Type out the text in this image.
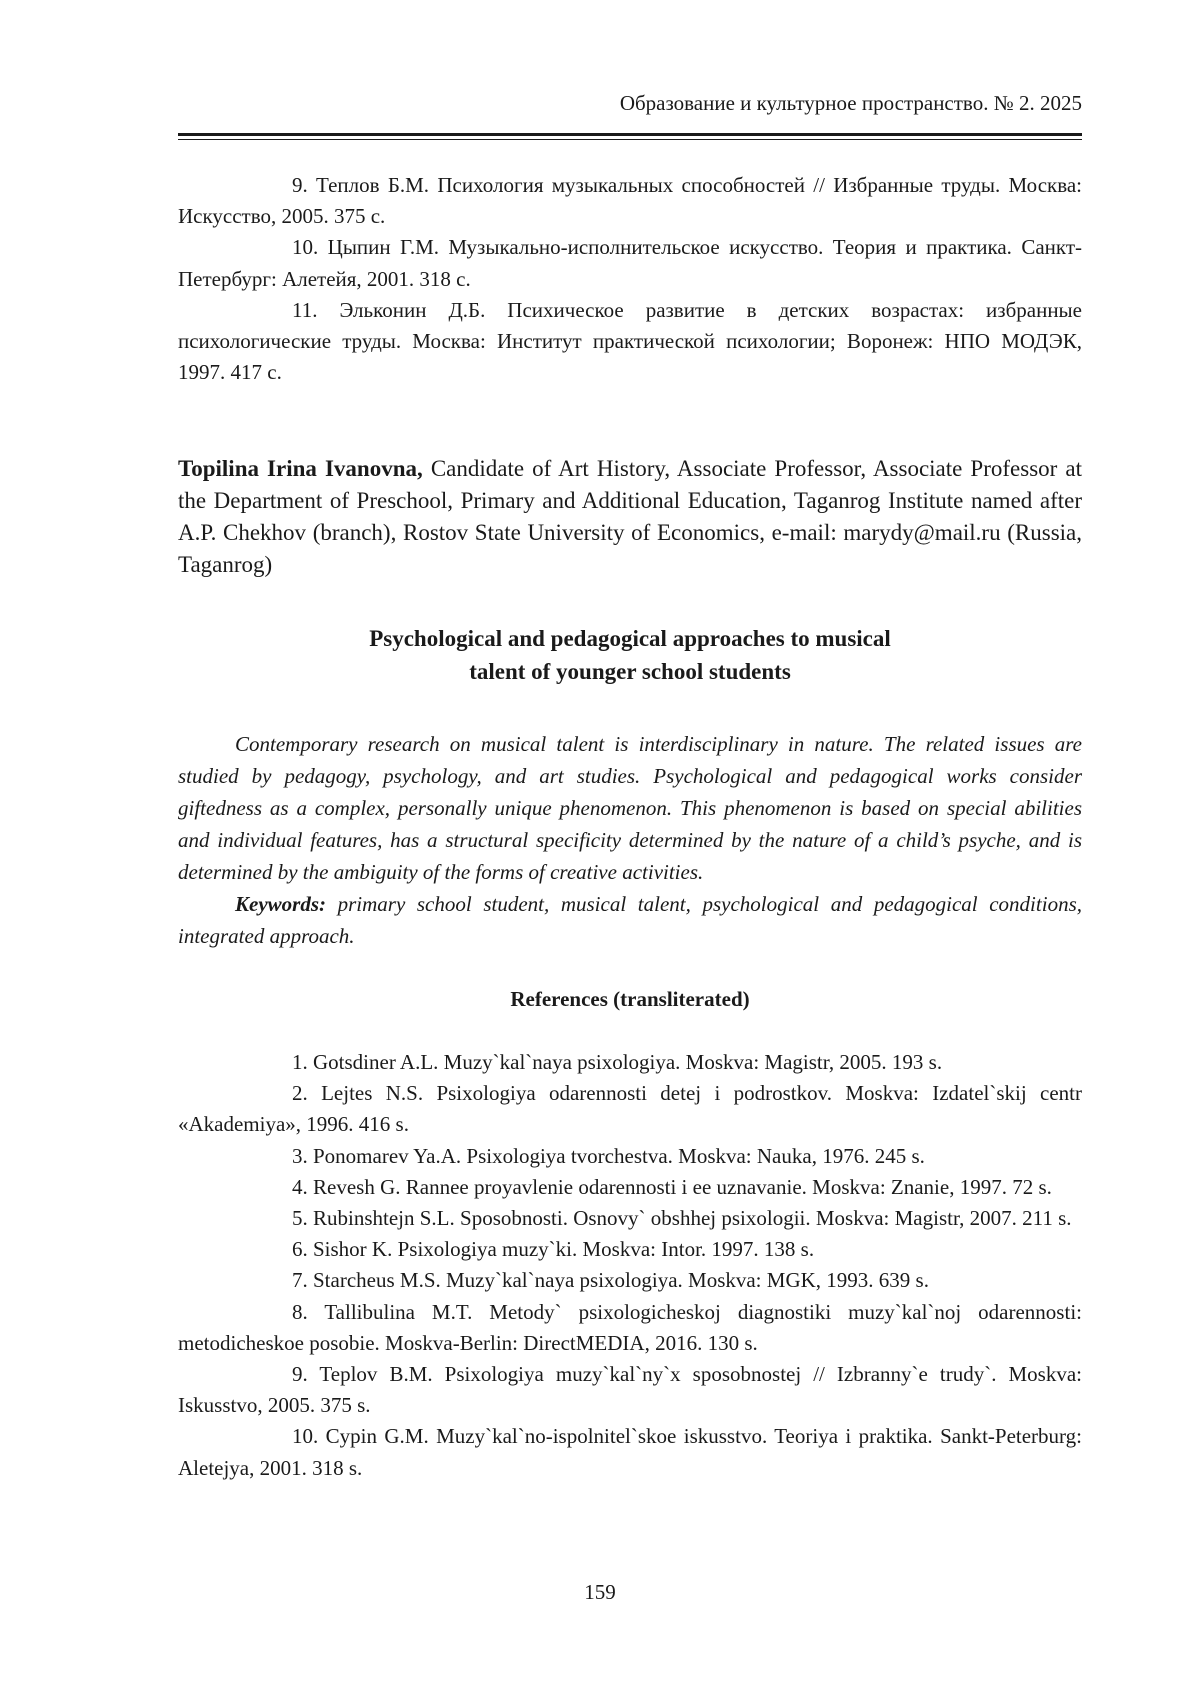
Образование и культурное пространство. № 2. 2025

9. Теплов Б.М. Психология музыкальных способностей // Избранные труды. Москва: Искусство, 2005. 375 с.

10. Цыпин Г.М. Музыкально-исполнительское искусство. Теория и практика. Санкт-Петербург: Алетейя, 2001. 318 с.

11. Эльконин Д.Б. Психическое развитие в детских возрастах: избранные психологические труды. Москва: Институт практической психологии; Воронеж: НПО МОДЭК, 1997. 417 с.

Topilina Irina Ivanovna, Candidate of Art History, Associate Professor, Associate Professor at the Department of Preschool, Primary and Additional Education, Taganrog Institute named after A.P. Chekhov (branch), Rostov State University of Economics, e-mail: marydy@mail.ru (Russia, Taganrog)

Psychological and pedagogical approaches to musical
talent of younger school students

Contemporary research on musical talent is interdisciplinary in nature. The related issues are studied by pedagogy, psychology, and art studies. Psychological and pedagogical works consider giftedness as a complex, personally unique phenomenon. This phenomenon is based on special abilities and individual features, has a structural specificity determined by the nature of a child’s psyche, and is determined by the ambiguity of the forms of creative activities.

Keywords: primary school student, musical talent, psychological and pedagogical conditions, integrated approach.

References (transliterated)

1. Gotsdiner A.L. Muzy`kal`naya psixologiya. Moskva: Magistr, 2005. 193 s.

2. Lejtes N.S. Psixologiya odarennosti detej i podrostkov. Moskva: Izdatel`skij centr «Akademiya», 1996. 416 s.

3. Ponomarev Ya.A. Psixologiya tvorchestva. Moskva: Nauka, 1976. 245 s.

4. Revesh G. Rannee proyavlenie odarennosti i ee uznavanie. Moskva: Znanie, 1997. 72 s.

5. Rubinshtejn S.L. Sposobnosti. Osnovy` obshhej psixologii. Moskva: Magistr, 2007. 211 s.

6. Sishor K. Psixologiya muzy`ki. Moskva: Intor. 1997. 138 s.

7. Starcheus M.S. Muzy`kal`naya psixologiya. Moskva: MGK, 1993. 639 s.

8. Tallibulina M.T. Metody` psixologicheskoj diagnostiki muzy`kal`noj odarennosti: metodicheskoe posobie. Moskva-Berlin: DirectMEDIA, 2016. 130 s.

9. Teplov B.M. Psixologiya muzy`kal`ny`x sposobnostej // Izbranny`e trudy`. Moskva: Iskusstvo, 2005. 375 s.

10. Cypin G.M. Muzy`kal`no-ispolnitel`skoe iskusstvo. Teoriya i praktika. Sankt-Peterburg: Aletejya, 2001. 318 s.

159
